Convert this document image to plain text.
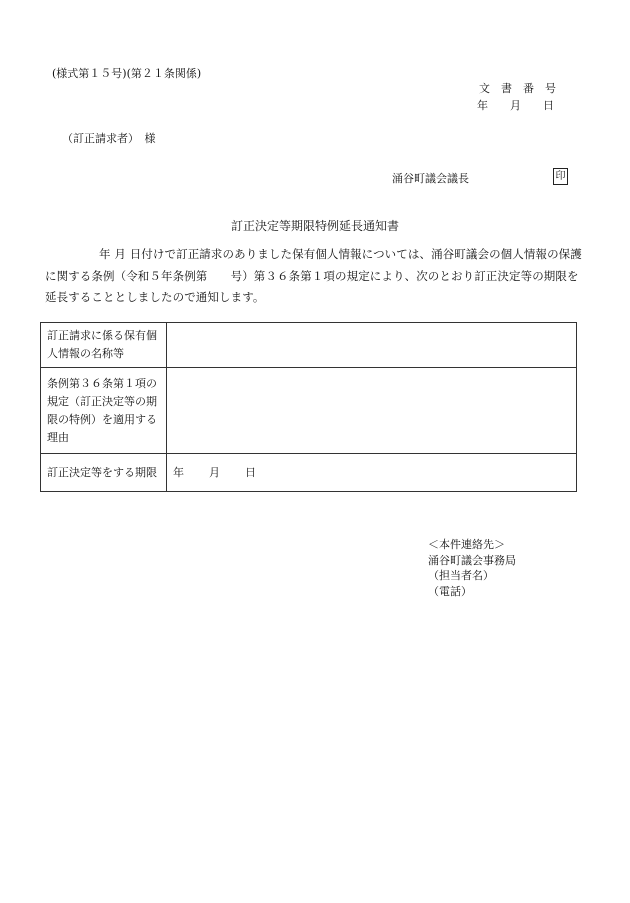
(様式第１５号)(第２１条関係)
文　書　番　号
年　　月　　日
（訂正請求者）　様
涌谷町議会議長	印
訂正決定等期限特例延長通知書
年 月 日付けで訂正請求のありました保有個人情報については、涌谷町議会の個人情報の保護に関する条例（令和５年条例第　　号）第３６条第１項の規定により、次のとおり訂正決定等の期限を延長することとしましたので通知します。
訂正請求に係る保有個人情報の名称等	
条例第３６条第１項の規定（訂正決定等の期限の特例）を適用する理由	
訂正決定等をする期限	年　　月　　日
＜本件連絡先＞
涌谷町議会事務局
（担当者名）
（電話）
